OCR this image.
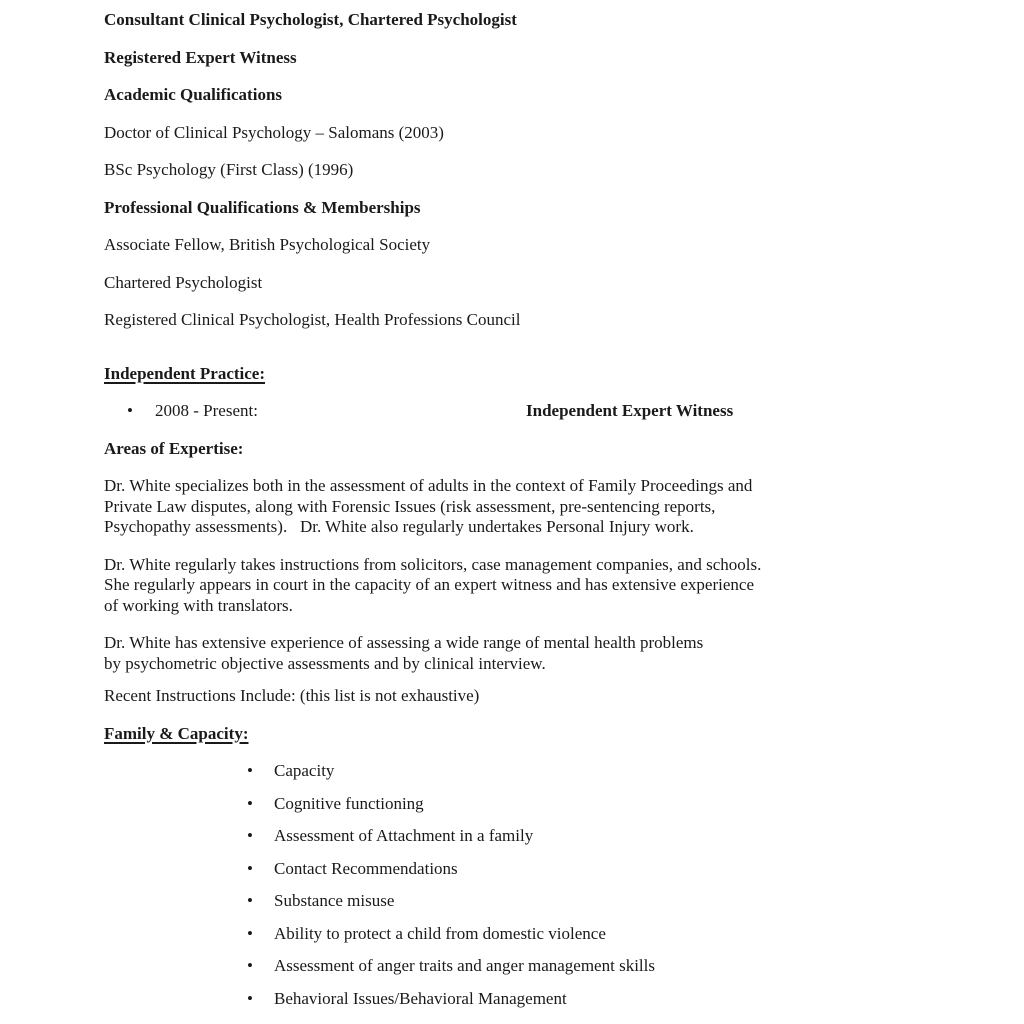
Consultant Clinical Psychologist, Chartered Psychologist

Registered Expert Witness

Academic Qualifications

Doctor of Clinical Psychology – Salomans (2003)

BSc Psychology (First Class) (1996)

Professional Qualifications & Memberships

Associate Fellow, British Psychological Society

Chartered Psychologist

Registered Clinical Psychologist, Health Professions Council

Independent Practice:

• 2008 - Present:	Independent Expert Witness

Areas of Expertise:

Dr. White specializes both in the assessment of adults in the context of Family Proceedings and
Private Law disputes, along with Forensic Issues (risk assessment, pre-sentencing reports,
Psychopathy assessments).   Dr. White also regularly undertakes Personal Injury work.

Dr. White regularly takes instructions from solicitors, case management companies, and schools.
She regularly appears in court in the capacity of an expert witness and has extensive experience
of working with translators.

Dr. White has extensive experience of assessing a wide range of mental health problems
by psychometric objective assessments and by clinical interview.

Recent Instructions Include: (this list is not exhaustive)

Family & Capacity:

• Capacity
• Cognitive functioning
• Assessment of Attachment in a family
• Contact Recommendations
• Substance misuse
• Ability to protect a child from domestic violence
• Assessment of anger traits and anger management skills
• Behavioral Issues/Behavioral Management
